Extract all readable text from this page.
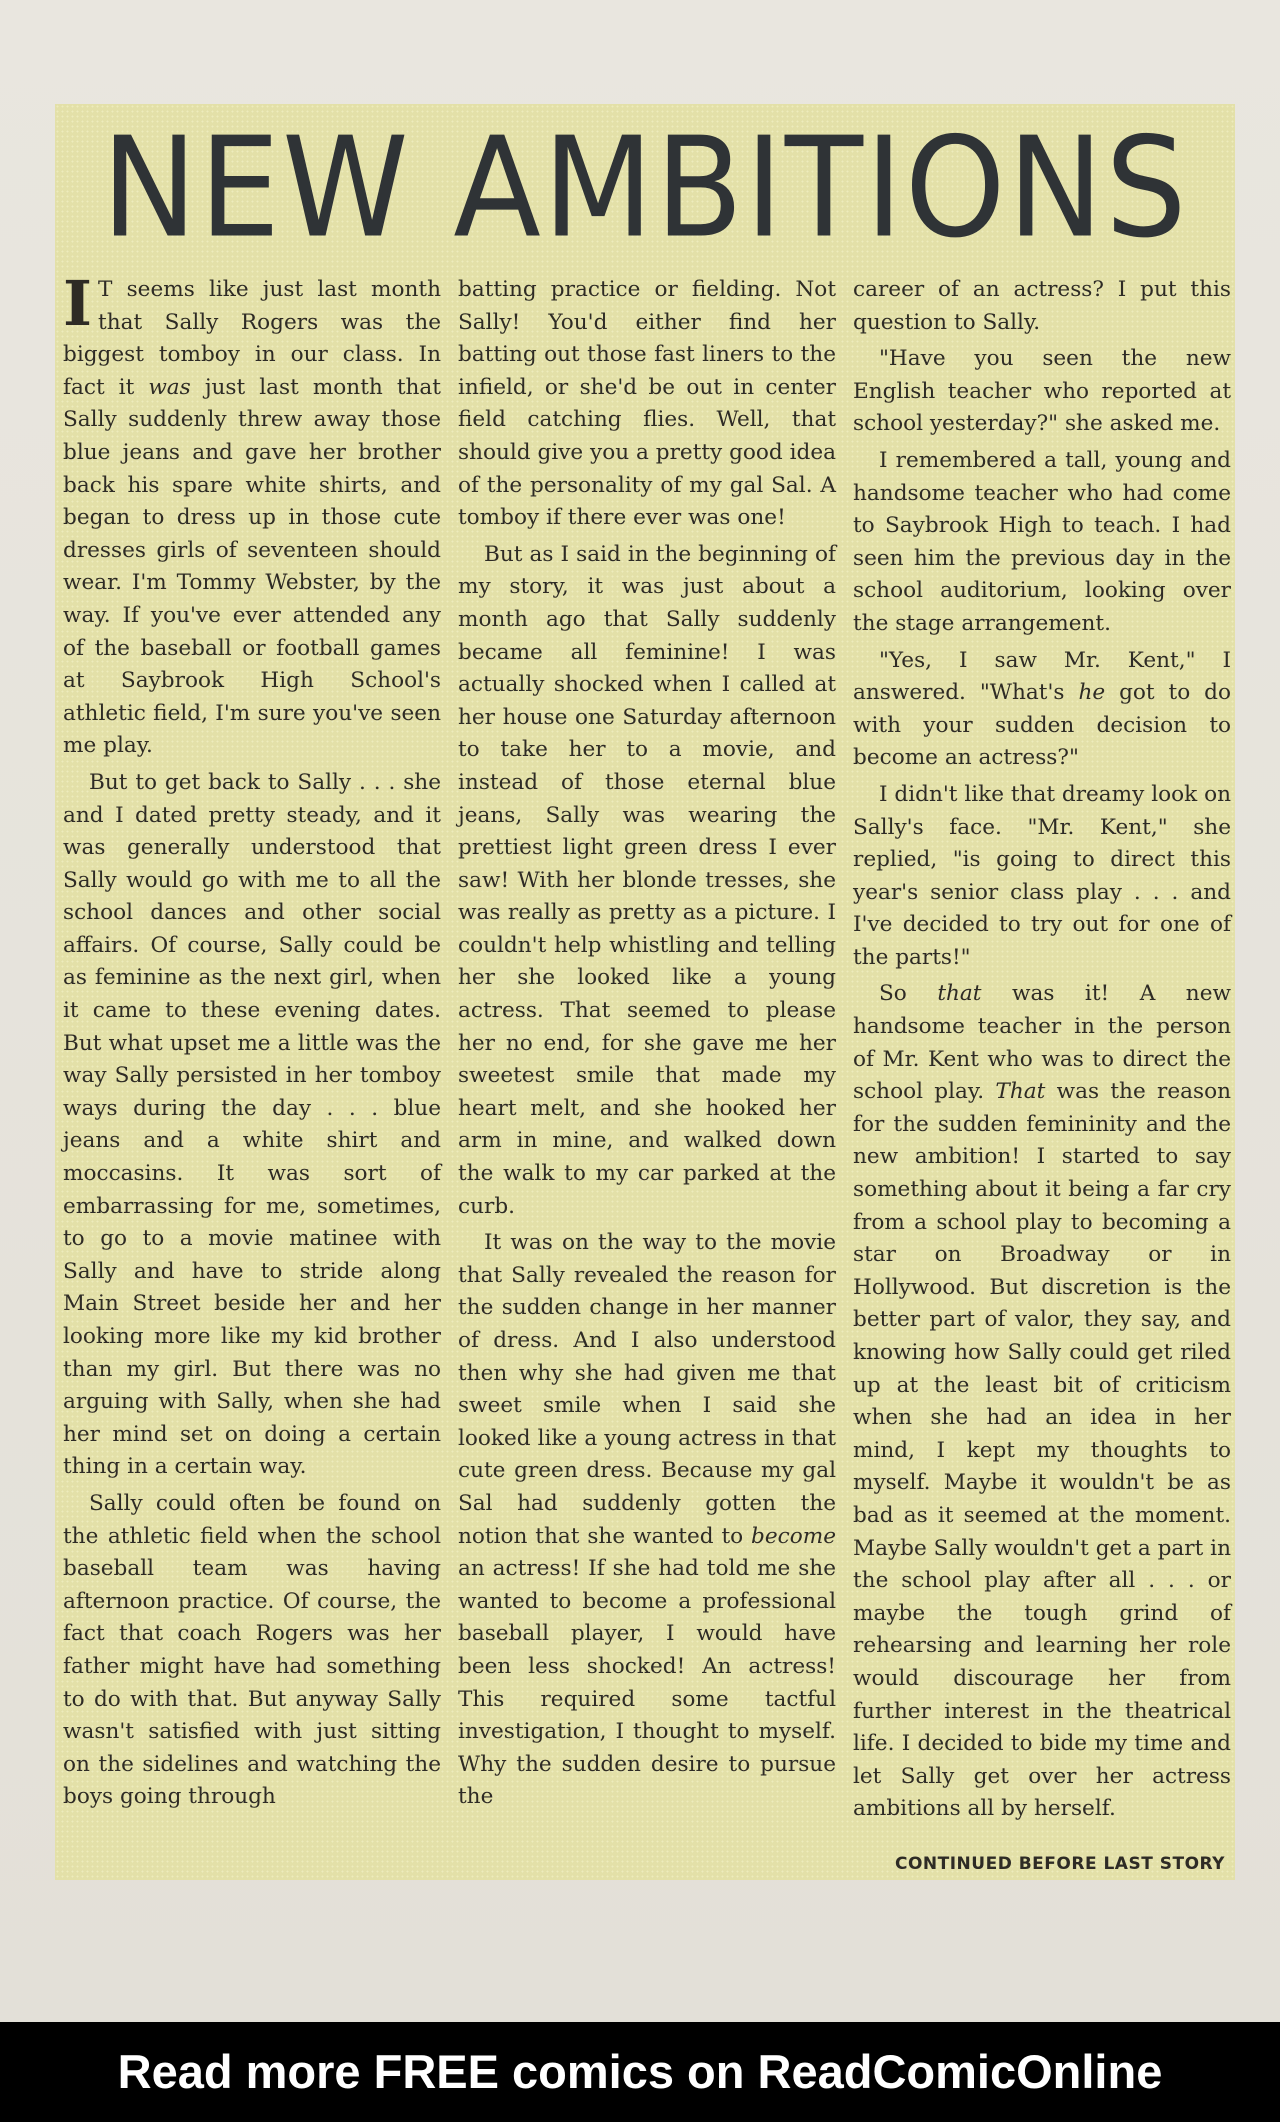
NEW AMBITIONS

I T seems like just last month that Sally Rogers was the biggest tomboy in our class. In fact it was just last month that Sally suddenly threw away those blue jeans and gave her brother back his spare white shirts, and began to dress up in those cute dresses girls of seventeen should wear. I'm Tommy Webster, by the way. If you've ever attended any of the baseball or football games at Saybrook High School's athletic field, I'm sure you've seen me play.

But to get back to Sally . . . she and I dated pretty steady, and it was generally understood that Sally would go with me to all the school dances and other social affairs. Of course, Sally could be as feminine as the next girl, when it came to these evening dates. But what upset me a little was the way Sally persisted in her tomboy ways during the day . . . blue jeans and a white shirt and moccasins. It was sort of embarrassing for me, sometimes, to go to a movie matinee with Sally and have to stride along Main Street beside her and her looking more like my kid brother than my girl. But there was no arguing with Sally, when she had her mind set on doing a certain thing in a certain way.

Sally could often be found on the athletic field when the school baseball team was having afternoon practice. Of course, the fact that coach Rogers was her father might have had something to do with that. But anyway Sally wasn't satisfied with just sitting on the sidelines and watching the boys going through

batting practice or fielding. Not Sally! You'd either find her batting out those fast liners to the infield, or she'd be out in center field catching flies. Well, that should give you a pretty good idea of the personality of my gal Sal. A tomboy if there ever was one!

But as I said in the beginning of my story, it was just about a month ago that Sally suddenly became all feminine! I was actually shocked when I called at her house one Saturday afternoon to take her to a movie, and instead of those eternal blue jeans, Sally was wearing the prettiest light green dress I ever saw! With her blonde tresses, she was really as pretty as a picture. I couldn't help whistling and telling her she looked like a young actress. That seemed to please her no end, for she gave me her sweetest smile that made my heart melt, and she hooked her arm in mine, and walked down the walk to my car parked at the curb.

It was on the way to the movie that Sally revealed the reason for the sudden change in her manner of dress. And I also understood then why she had given me that sweet smile when I said she looked like a young actress in that cute green dress. Because my gal Sal had suddenly gotten the notion that she wanted to become an actress! If she had told me she wanted to become a professional baseball player, I would have been less shocked! An actress! This required some tactful investigation, I thought to myself. Why the sudden desire to pursue the

career of an actress? I put this question to Sally.

"Have you seen the new English teacher who reported at school yesterday?" she asked me.

I remembered a tall, young and handsome teacher who had come to Saybrook High to teach. I had seen him the previous day in the school auditorium, looking over the stage arrangement.

"Yes, I saw Mr. Kent," I answered. "What's he got to do with your sudden decision to become an actress?"

I didn't like that dreamy look on Sally's face. "Mr. Kent," she replied, "is going to direct this year's senior class play . . . and I've decided to try out for one of the parts!"

So that was it! A new handsome teacher in the person of Mr. Kent who was to direct the school play. That was the reason for the sudden femininity and the new ambition! I started to say something about it being a far cry from a school play to becoming a star on Broadway or in Hollywood. But discretion is the better part of valor, they say, and knowing how Sally could get riled up at the least bit of criticism when she had an idea in her mind, I kept my thoughts to myself. Maybe it wouldn't be as bad as it seemed at the moment. Maybe Sally wouldn't get a part in the school play after all . . . or maybe the tough grind of rehearsing and learning her role would discourage her from further interest in the theatrical life. I decided to bide my time and let Sally get over her actress ambitions all by herself.

CONTINUED BEFORE LAST STORY
Read more FREE comics on ReadComicOnline
